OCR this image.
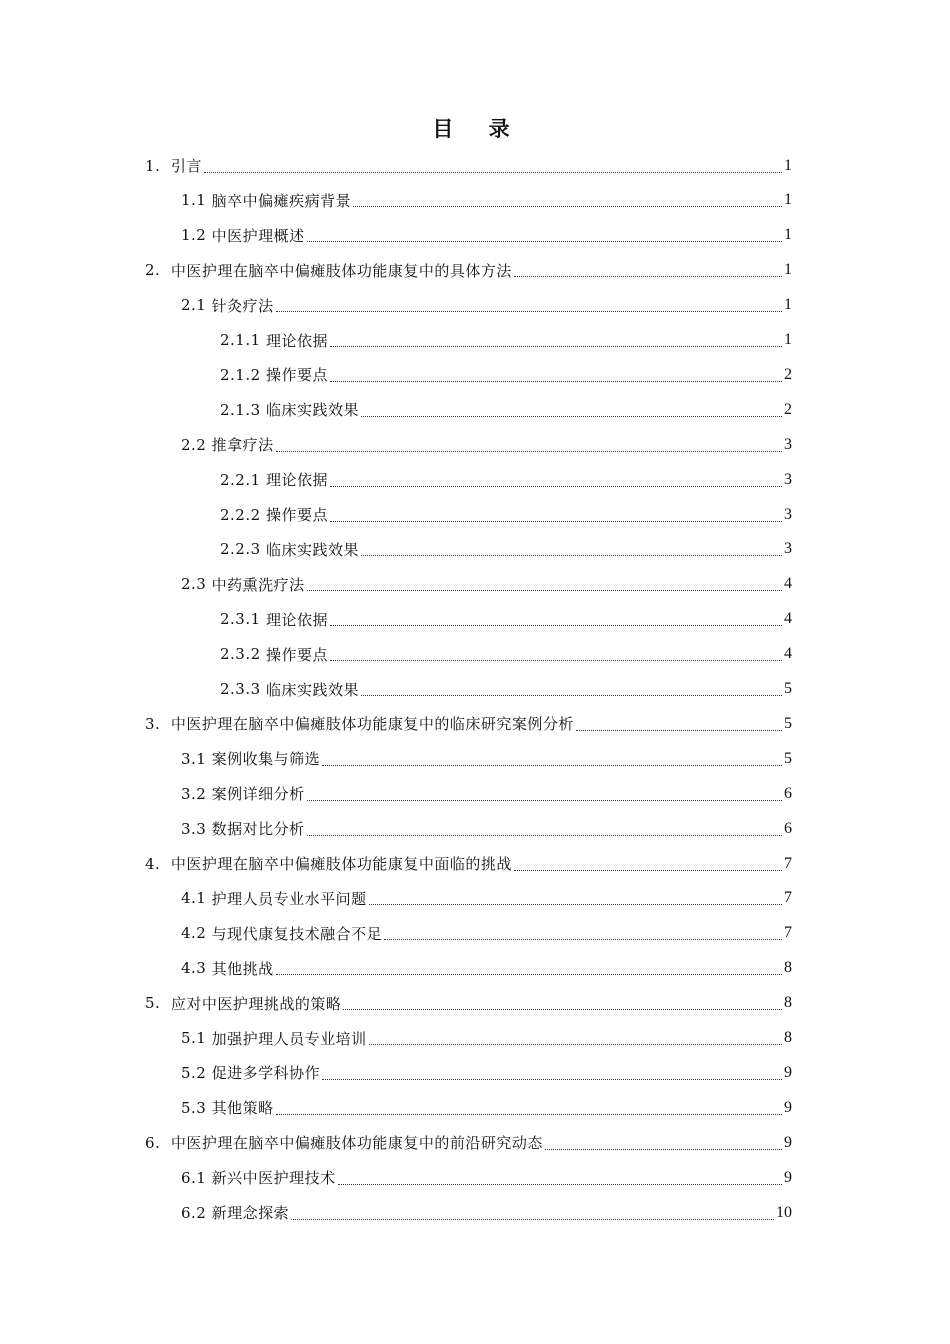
目 录
1. 引言	1
1.1 脑卒中偏瘫疾病背景	1
1.2 中医护理概述	1
2. 中医护理在脑卒中偏瘫肢体功能康复中的具体方法	1
2.1 针灸疗法	1
2.1.1 理论依据	1
2.1.2 操作要点	2
2.1.3 临床实践效果	2
2.2 推拿疗法	3
2.2.1 理论依据	3
2.2.2 操作要点	3
2.2.3 临床实践效果	3
2.3 中药熏洗疗法	4
2.3.1 理论依据	4
2.3.2 操作要点	4
2.3.3 临床实践效果	5
3. 中医护理在脑卒中偏瘫肢体功能康复中的临床研究案例分析	5
3.1 案例收集与筛选	5
3.2 案例详细分析	6
3.3 数据对比分析	6
4. 中医护理在脑卒中偏瘫肢体功能康复中面临的挑战	7
4.1 护理人员专业水平问题	7
4.2 与现代康复技术融合不足	7
4.3 其他挑战	8
5. 应对中医护理挑战的策略	8
5.1 加强护理人员专业培训	8
5.2 促进多学科协作	9
5.3 其他策略	9
6. 中医护理在脑卒中偏瘫肢体功能康复中的前沿研究动态	9
6.1 新兴中医护理技术	9
6.2 新理念探索	10
